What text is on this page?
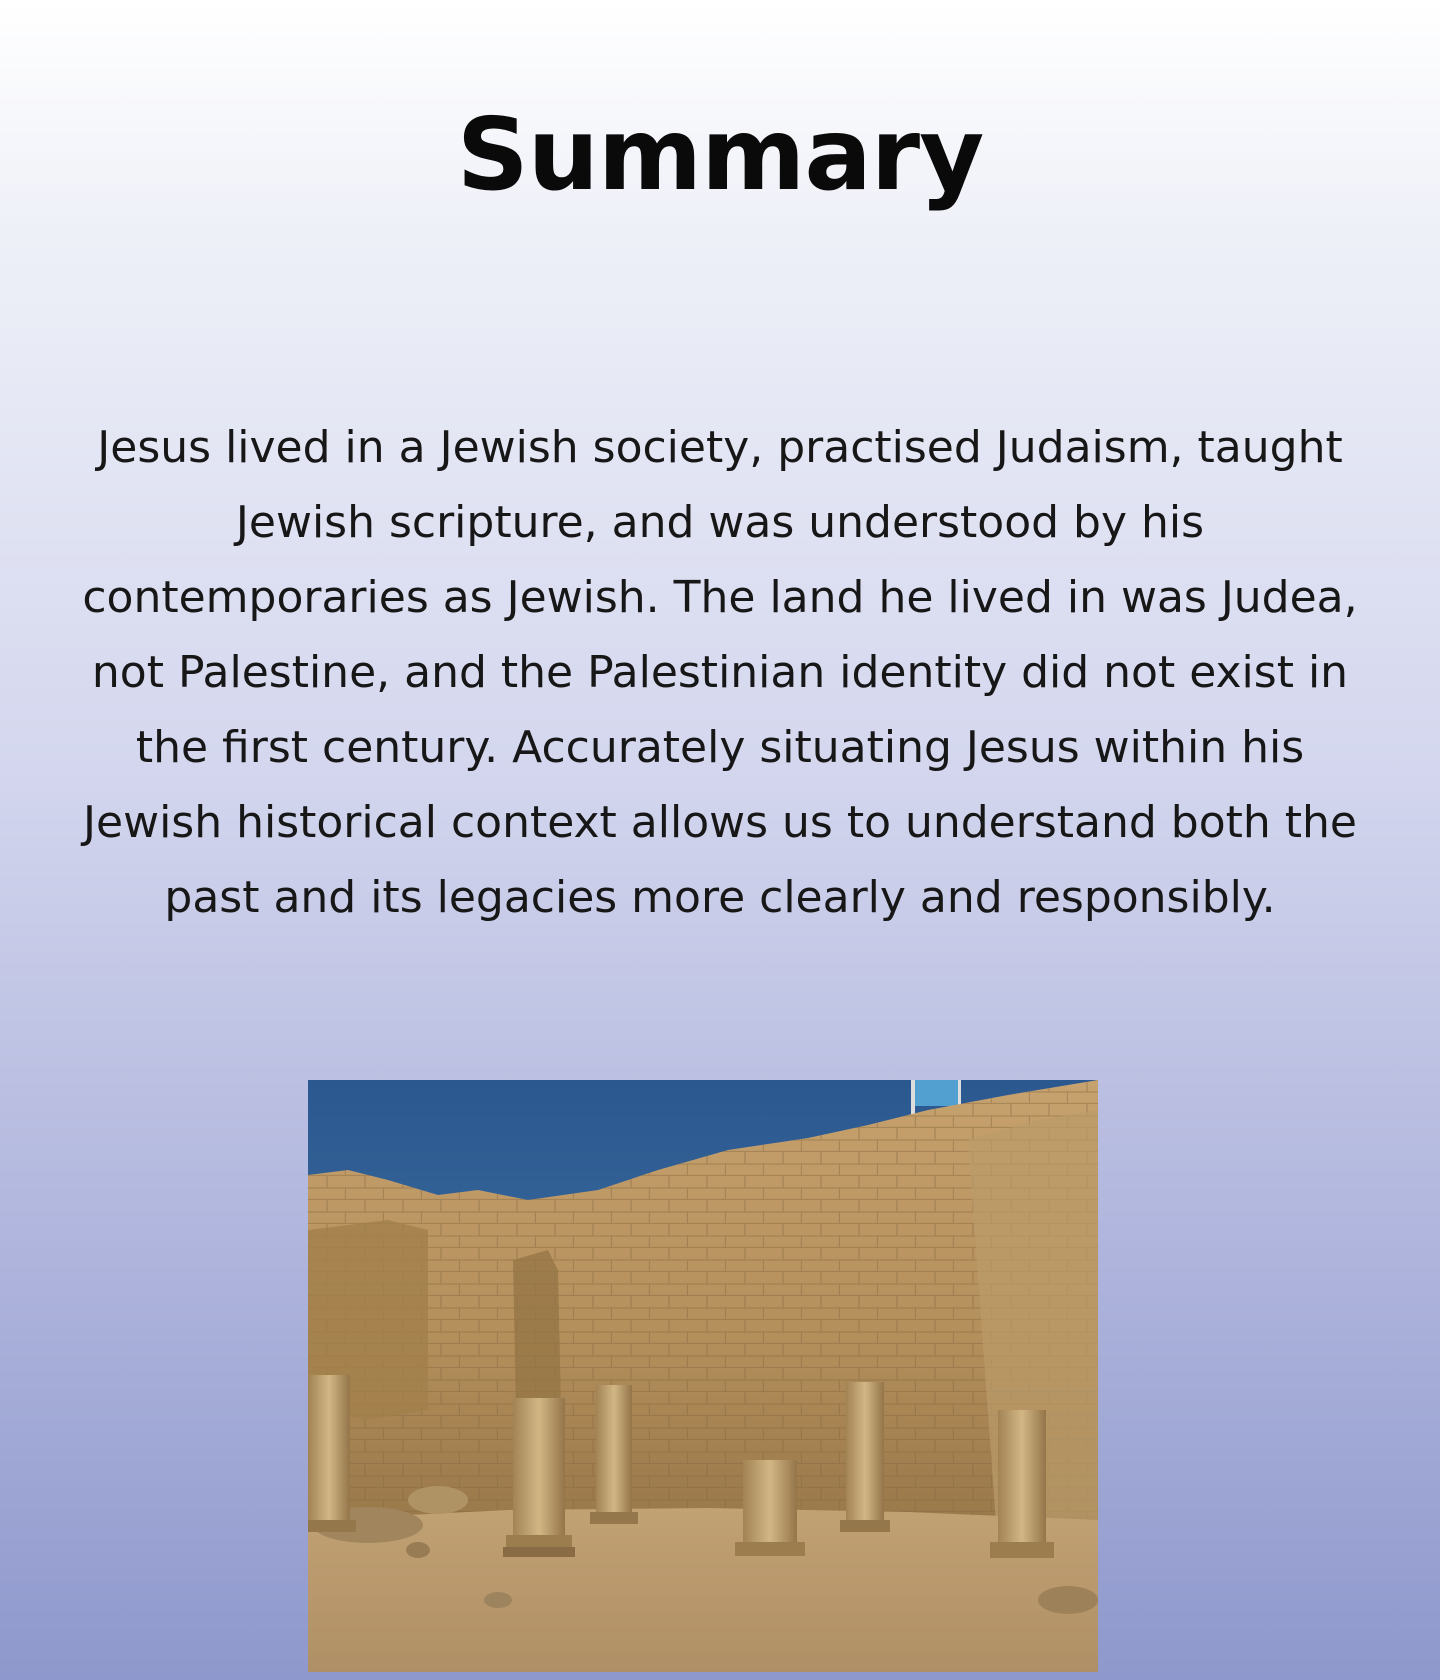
Summary

Jesus lived in a Jewish society, practised Judaism, taught Jewish scripture, and was understood by his contemporaries as Jewish. The land he lived in was Judea, not Palestine, and the Palestinian identity did not exist in the first century. Accurately situating Jesus within his Jewish historical context allows us to understand both the past and its legacies more clearly and responsibly.
